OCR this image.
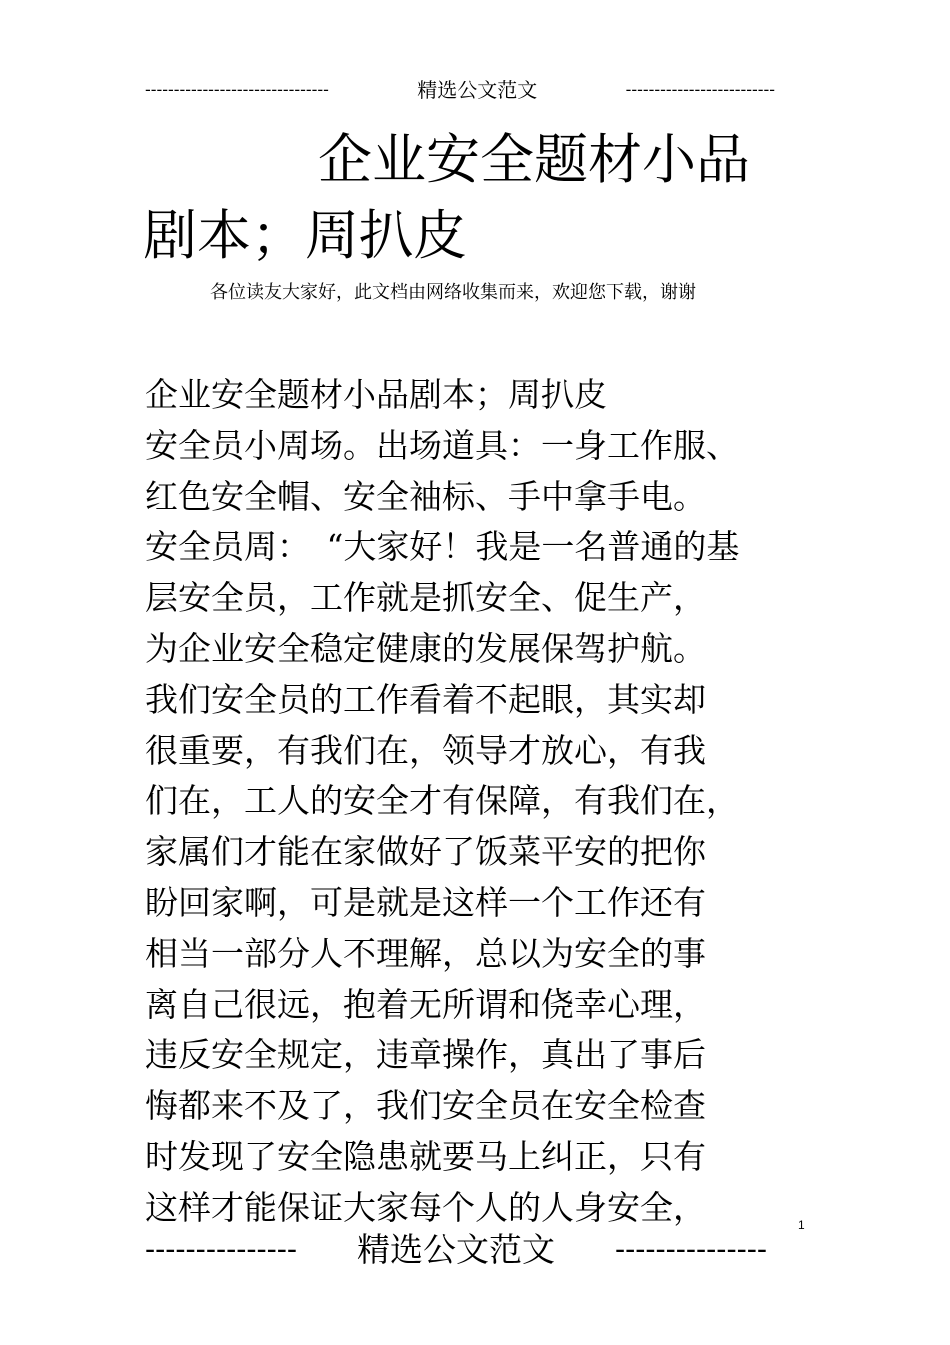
--------------------------------	精选公文范文	--------------------------
企业安全题材小品
剧本；周扒皮
各位读友大家好，此文档由网络收集而来，欢迎您下载，谢谢
企业安全题材小品剧本；周扒皮
安全员小周场。出场道具：一身工作服、
红色安全帽、安全袖标、手中拿手电。
安全员周：　“大家好！我是一名普通的基
层安全员，工作就是抓安全、促生产，
为企业安全稳定健康的发展保驾护航。
我们安全员的工作看着不起眼，其实却
很重要，有我们在，领导才放心，有我
们在，工人的安全才有保障，有我们在，
家属们才能在家做好了饭菜平安的把你
盼回家啊，可是就是这样一个工作还有
相当一部分人不理解，总以为安全的事
离自己很远，抱着无所谓和侥幸心理，
违反安全规定，违章操作，真出了事后
悔都来不及了，我们安全员在安全检查
时发现了安全隐患就要马上纠正，只有
这样才能保证大家每个人的人身安全，	1
--------------- 精选公文范文 ---------------
